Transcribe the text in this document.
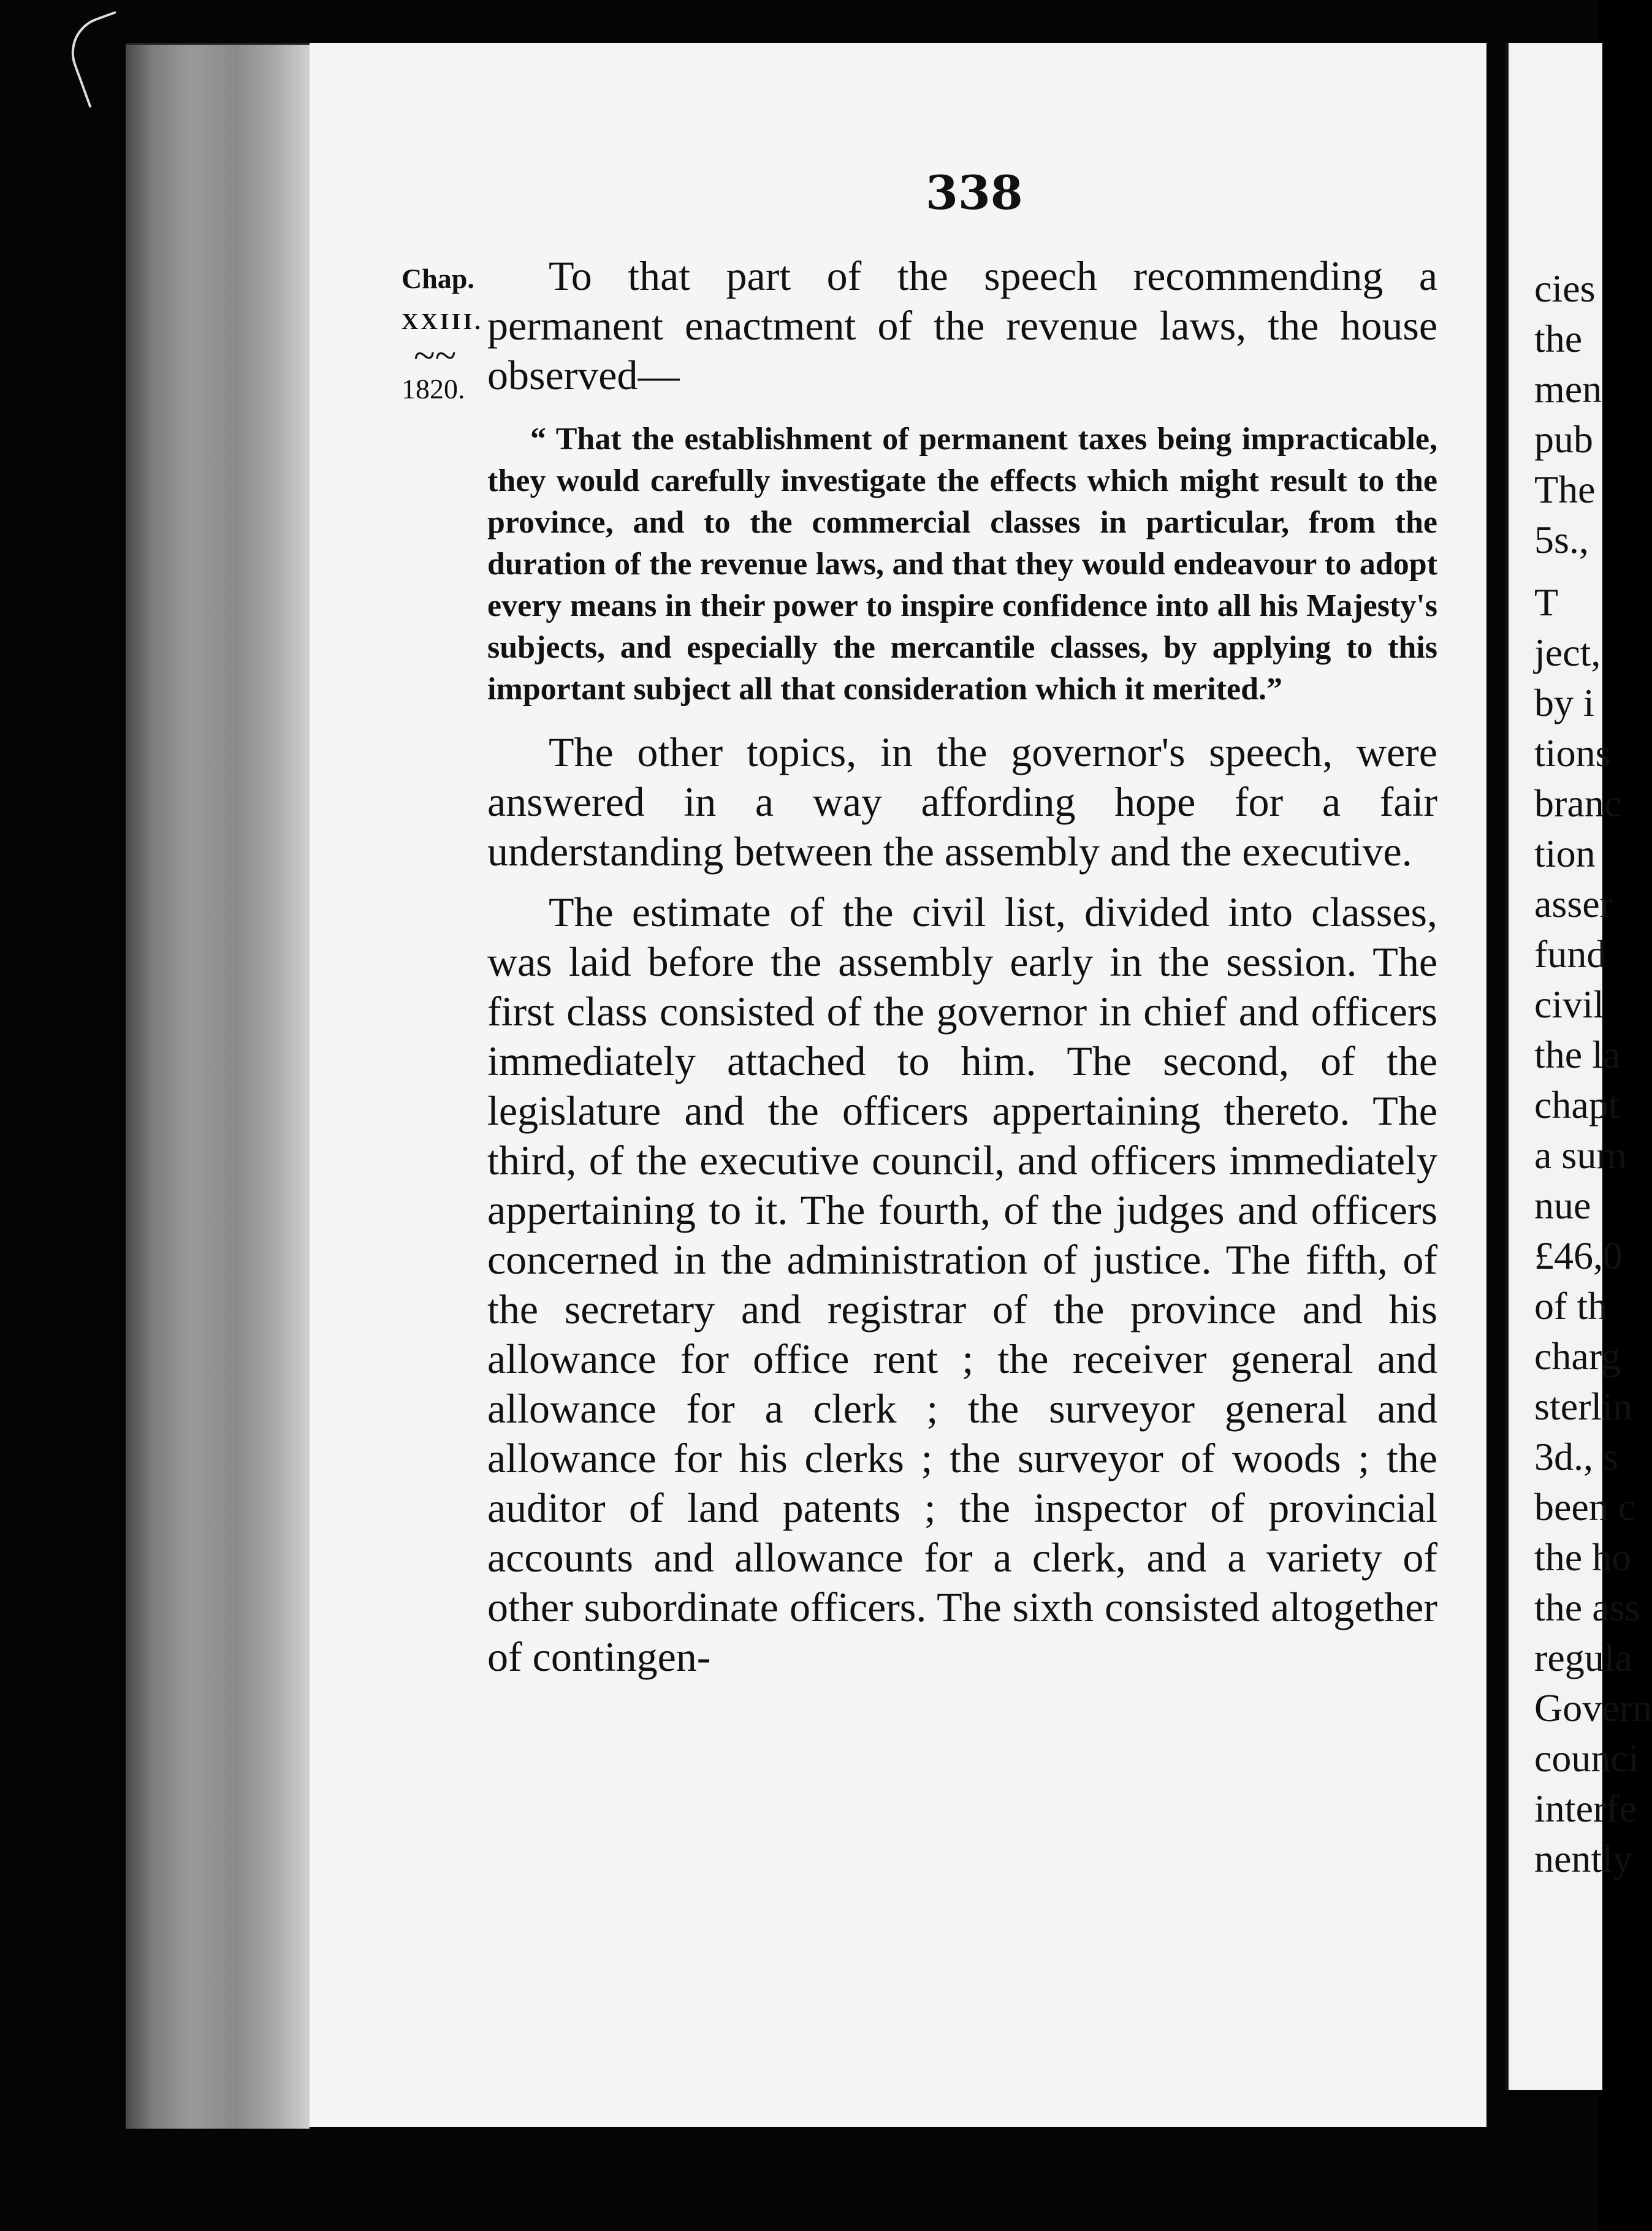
338
Chap.
XXIII.
~~
1820.

To that part of the speech recommending a permanent enactment of the revenue laws, the house observed—

“ That the establishment of permanent taxes being impracticable, they would carefully investigate the effects which might result to the province, and to the commercial classes in particular, from the duration of the revenue laws, and that they would endeavour to adopt every means in their power to inspire confidence into all his Majesty's subjects, and especially the mercantile classes, by applying to this important subject all that consideration which it merited.”

The other topics, in the governor's speech, were answered in a way affording hope for a fair understanding between the assembly and the executive.

The estimate of the civil list, divided into classes, was laid before the assembly early in the session. The first class consisted of the governor in chief and officers immediately attached to him. The second, of the legislature and the officers appertaining thereto. The third, of the executive council, and officers immediately appertaining to it. The fourth, of the judges and officers concerned in the administration of justice. The fifth, of the secretary and registrar of the province and his allowance for office rent ; the receiver general and allowance for a clerk ; the surveyor general and allowance for his clerks ; the surveyor of woods ; the auditor of land patents ; the inspector of provincial accounts and allowance for a clerk, and a variety of other subordinate officers. The sixth consisted altogether of contingen-

cies
the
men
pub
The
5s.,
T
ject,
by i
tions
branc
tion
asser
fund
civil
the la
chapt
a sum
nue
£46,0
of th
charg
sterlin
3d., s
been c
the ho
the ass
regula
Govern
counci
interfe
nently
